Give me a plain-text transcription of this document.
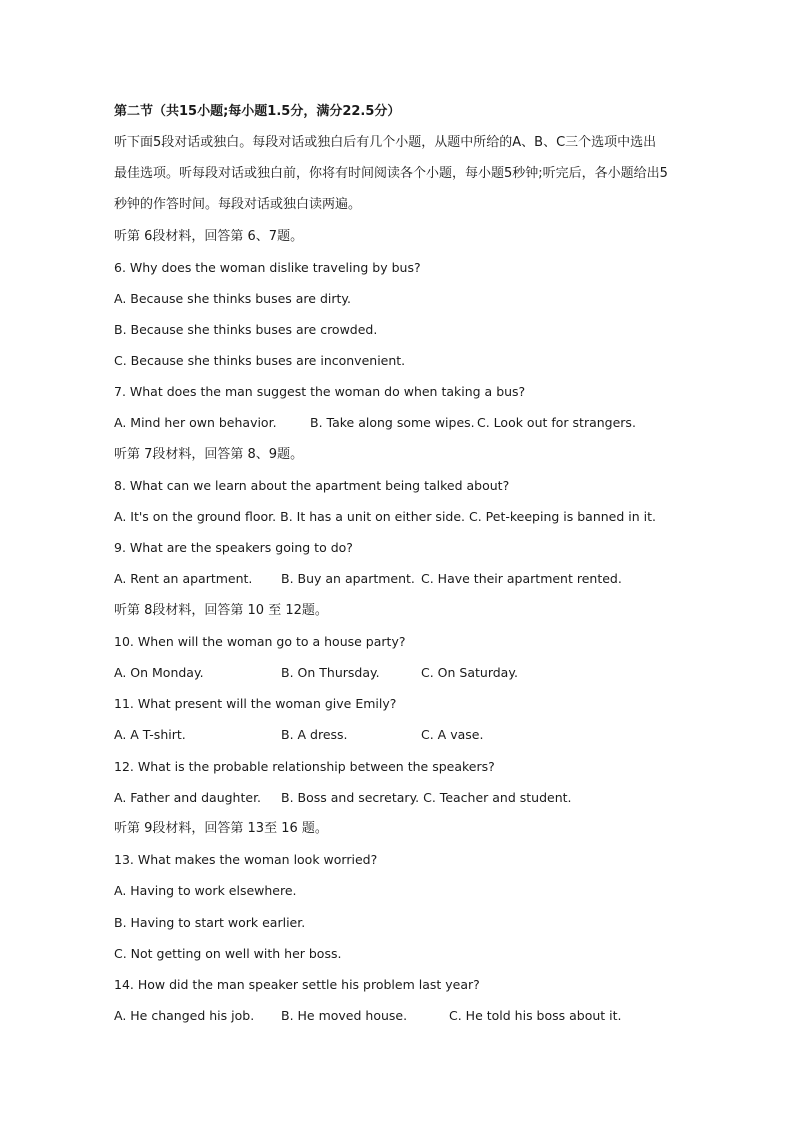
第二节（共15小题;每小题1.5分，满分22.5分）
听下面5段对话或独白。每段对话或独白后有几个小题，从题中所给的A、B、C三个选项中选出
最佳选项。听每段对话或独白前，你将有时间阅读各个小题，每小题5秒钟;听完后，各小题给出5
秒钟的作答时间。每段对话或独白读两遍。
听第 6段材料，回答第 6、7题。
6. Why does the woman dislike traveling by bus?
A. Because she thinks buses are dirty.
B. Because she thinks buses are crowded.
C. Because she thinks buses are inconvenient.
7. What does the man suggest the woman do when taking a bus?
A. Mind her own behavior.	B. Take along some wipes. C. Look out for strangers.
听第 7段材料，回答第 8、9题。
8. What can we learn about the apartment being talked about?
A. It's on the ground floor. B. It has a unit on either side. C. Pet-keeping is banned in it.
9. What are the speakers going to do?
A. Rent an apartment. B. Buy an apartment. C. Have their apartment rented.
听第 8段材料，回答第 10 至 12题。
10. When will the woman go to a house party?
A. On Monday.	B. On Thursday.	C. On Saturday.
11. What present will the woman give Emily?
A. A T-shirt.	B. A dress.	C. A vase.
12. What is the probable relationship between the speakers?
A. Father and daughter. B. Boss and secretary. C. Teacher and student.
听第 9段材料，回答第 13至 16 题。
13. What makes the woman look worried?
A. Having to work elsewhere.
B. Having to start work earlier.
C. Not getting on well with her boss.
14. How did the man speaker settle his problem last year?
A. He changed his job. B. He moved house.	C. He told his boss about it.
